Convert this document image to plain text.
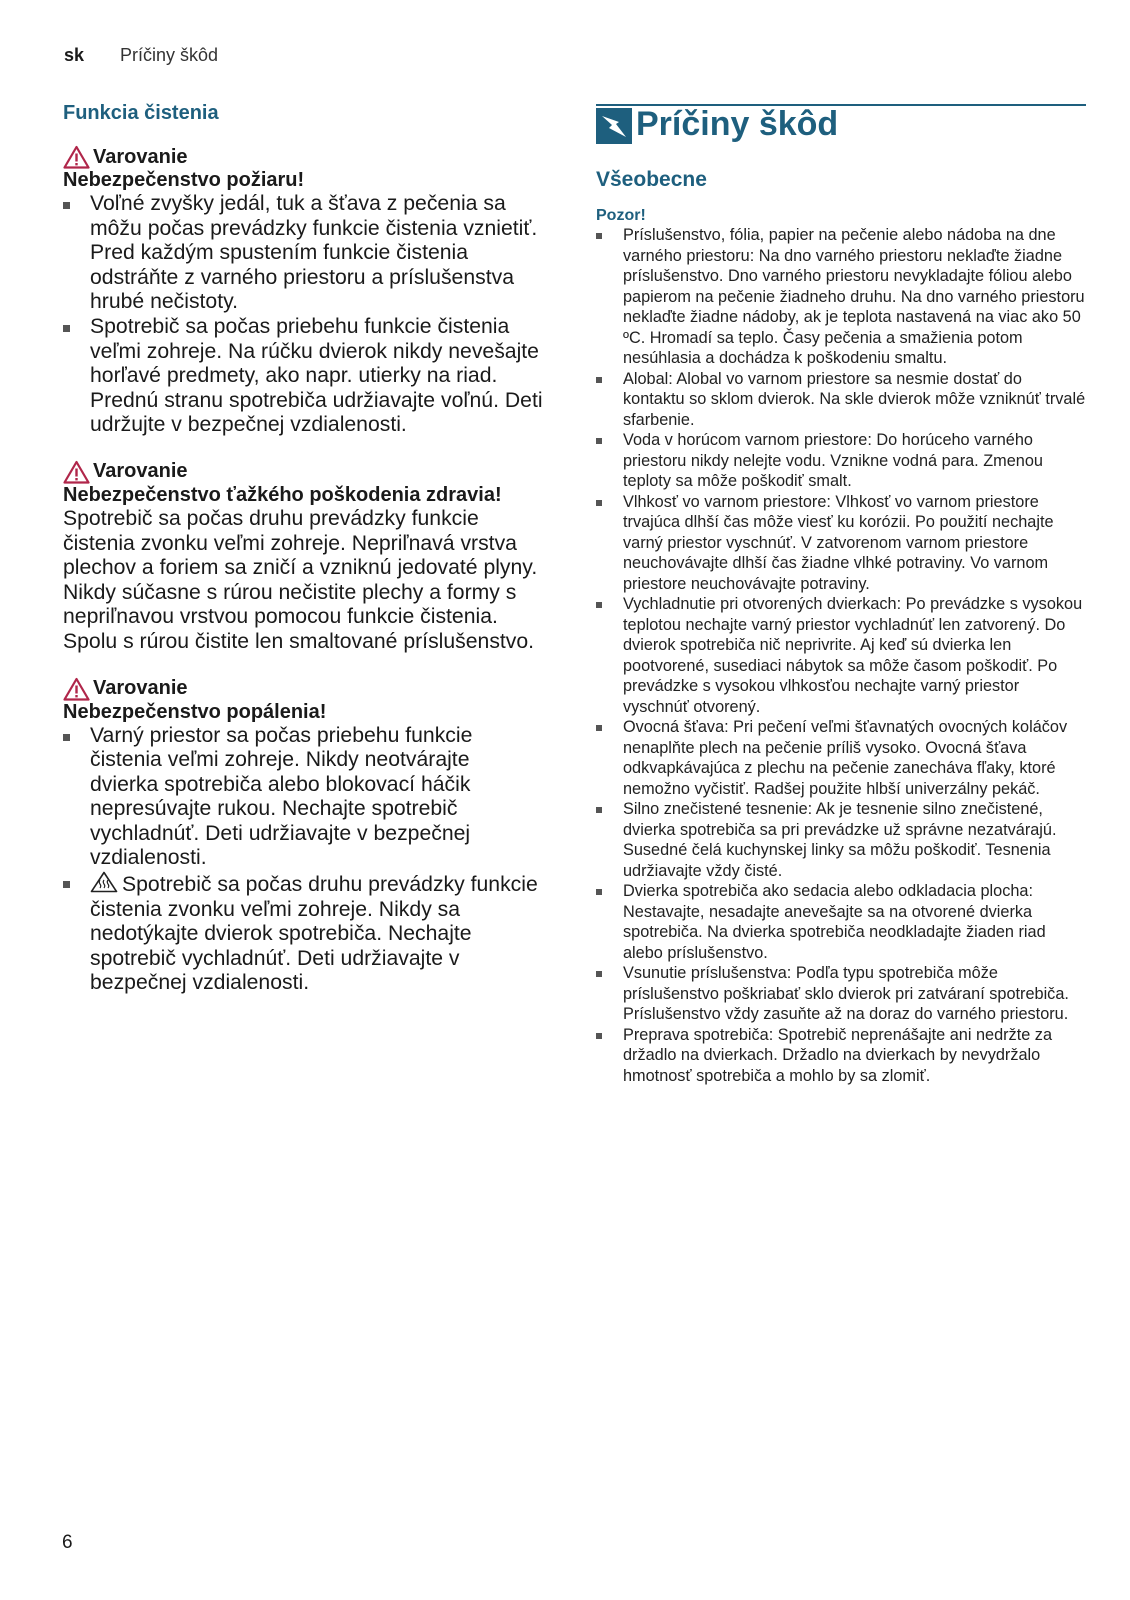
sk	Príčiny škôd
Funkcia čistenia
Varovanie
Nebezpečenstvo požiaru!
Voľné zvyšky jedál, tuk a šťava z pečenia sa môžu počas prevádzky funkcie čistenia vznietiť. Pred každým spustením funkcie čistenia odstráňte z varného priestoru a príslušenstva hrubé nečistoty.
Spotrebič sa počas priebehu funkcie čistenia veľmi zohreje. Na rúčku dvierok nikdy nevešajte horľavé predmety, ako napr. utierky na riad. Prednú stranu spotrebiča udržiavajte voľnú. Deti udržujte v bezpečnej vzdialenosti.
Varovanie
Nebezpečenstvo ťažkého poškodenia zdravia!
Spotrebič sa počas druhu prevádzky funkcie čistenia zvonku veľmi zohreje. Nepriľnavá vrstva plechov a foriem sa zničí a vzniknú jedovaté plyny. Nikdy súčasne s rúrou nečistite plechy a formy s nepriľnavou vrstvou pomocou funkcie čistenia. Spolu s rúrou čistite len smaltované príslušenstvo.
Varovanie
Nebezpečenstvo popálenia!
Varný priestor sa počas priebehu funkcie čistenia veľmi zohreje. Nikdy neotvárajte dvierka spotrebiča alebo blokovací háčik nepresúvajte rukou. Nechajte spotrebič vychladnúť. Deti udržiavajte v bezpečnej vzdialenosti.
Spotrebič sa počas druhu prevádzky funkcie čistenia zvonku veľmi zohreje. Nikdy sa nedotýkajte dvierok spotrebiča. Nechajte spotrebič vychladnúť. Deti udržiavajte v bezpečnej vzdialenosti.
Príčiny škôd
Všeobecne
Pozor!
Príslušenstvo, fólia, papier na pečenie alebo nádoba na dne varného priestoru: Na dno varného priestoru neklaďte žiadne príslušenstvo. Dno varného priestoru nevykladajte fóliou alebo papierom na pečenie žiadneho druhu. Na dno varného priestoru neklaďte žiadne nádoby, ak je teplota nastavená na viac ako 50 ºC. Hromadí sa teplo. Časy pečenia a smažienia potom nesúhlasia a dochádza k poškodeniu smaltu.
Alobal: Alobal vo varnom priestore sa nesmie dostať do kontaktu so sklom dvierok. Na skle dvierok môže vzniknúť trvalé sfarbenie.
Voda v horúcom varnom priestore: Do horúceho varného priestoru nikdy nelejte vodu. Vznikne vodná para. Zmenou teploty sa môže poškodiť smalt.
Vlhkosť vo varnom priestore: Vlhkosť vo varnom priestore trvajúca dlhší čas môže viesť ku korózii. Po použití nechajte varný priestor vyschnúť. V zatvorenom varnom priestore neuchovávajte dlhší čas žiadne vlhké potraviny. Vo varnom priestore neuchovávajte potraviny.
Vychladnutie pri otvorených dvierkach: Po prevádzke s vysokou teplotou nechajte varný priestor vychladnúť len zatvorený. Do dvierok spotrebiča nič neprivrite. Aj keď sú dvierka len pootvorené, susediaci nábytok sa môže časom poškodiť. Po prevádzke s vysokou vlhkosťou nechajte varný priestor vyschnúť otvorený.
Ovocná šťava: Pri pečení veľmi šťavnatých ovocných koláčov nenaplňte plech na pečenie príliš vysoko. Ovocná šťava odkvapkávajúca z plechu na pečenie zanecháva fľaky, ktoré nemožno vyčistiť. Radšej použite hlbší univerzálny pekáč.
Silno znečistené tesnenie: Ak je tesnenie silno znečistené, dvierka spotrebiča sa pri prevádzke už správne nezatvárajú. Susedné čelá kuchynskej linky sa môžu poškodiť. Tesnenia udržiavajte vždy čisté.
Dvierka spotrebiča ako sedacia alebo odkladacia plocha: Nestavajte, nesadajte anevešajte sa na otvorené dvierka spotrebiča. Na dvierka spotrebiča neodkladajte žiaden riad alebo príslušenstvo.
Vsunutie príslušenstva: Podľa typu spotrebiča môže príslušenstvo poškriabať sklo dvierok pri zatváraní spotrebiča. Príslušenstvo vždy zasuňte až na doraz do varného priestoru.
Preprava spotrebiča: Spotrebič neprenášajte ani nedržte za držadlo na dvierkach. Držadlo na dvierkach by nevydržalo hmotnosť spotrebiča a mohlo by sa zlomiť.
6
